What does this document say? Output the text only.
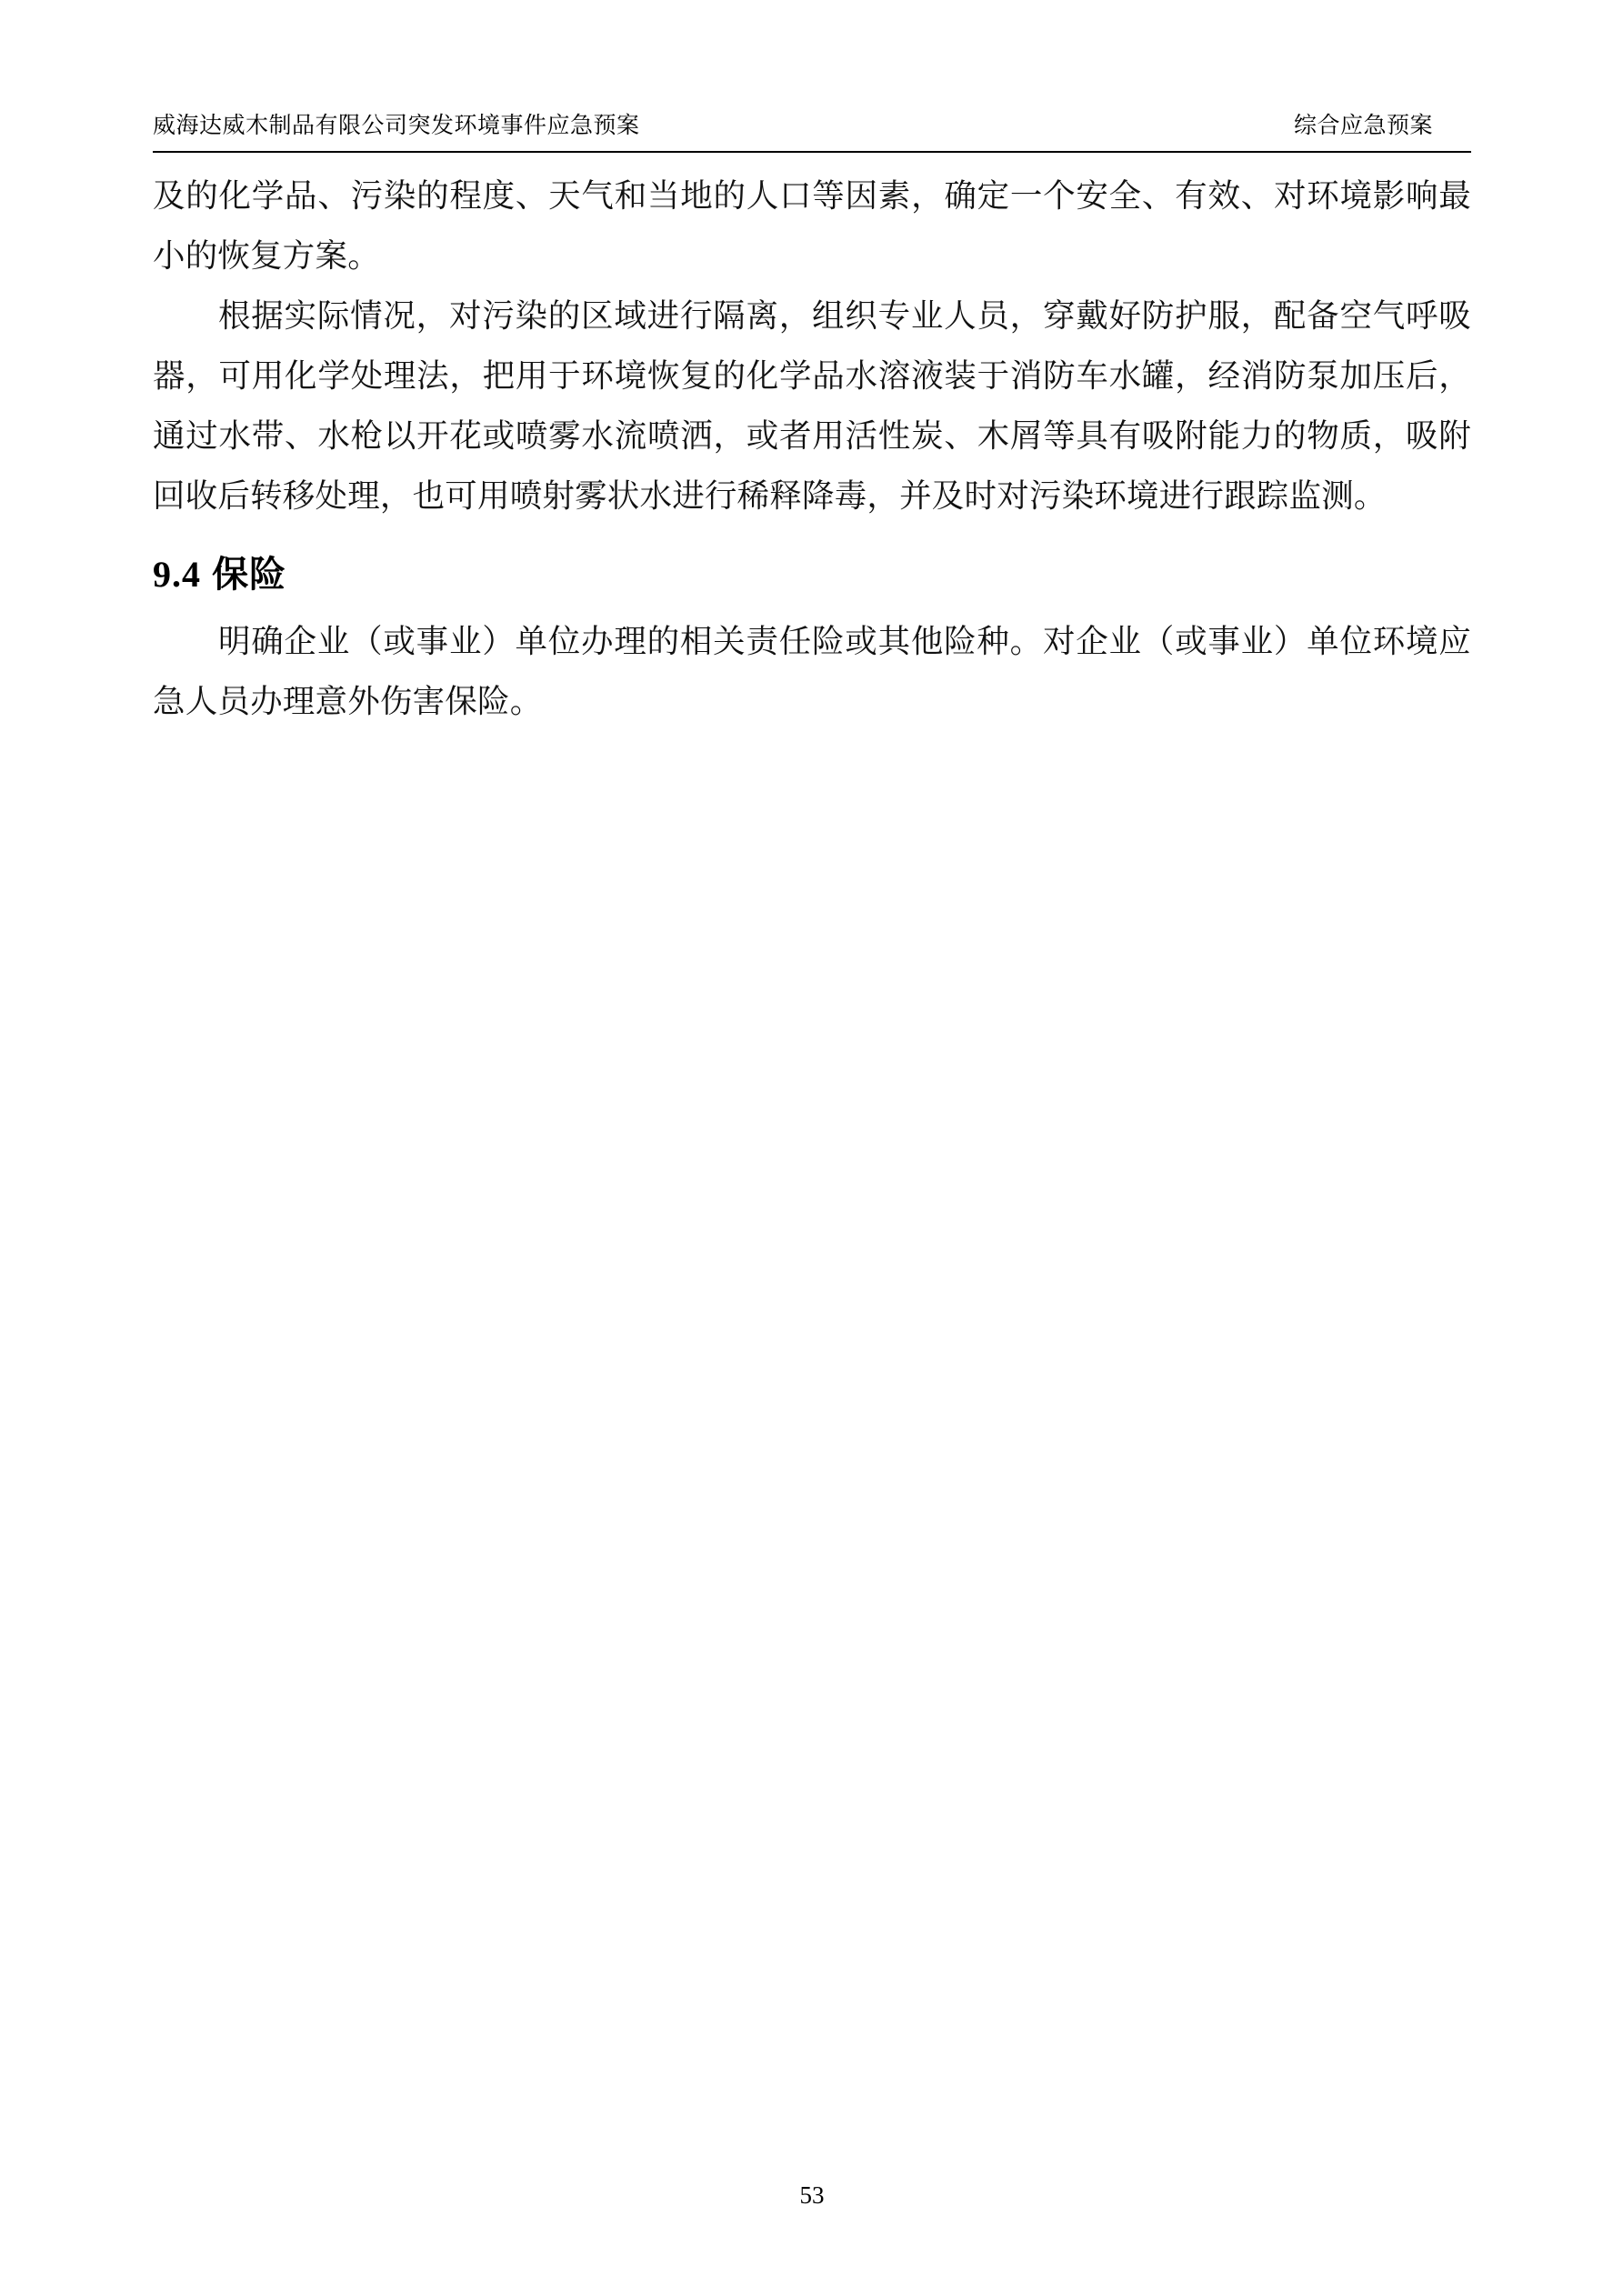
威海达威木制品有限公司突发环境事件应急预案	综合应急预案

及的化学品、污染的程度、天气和当地的人口等因素，确定一个安全、有效、对环境影响最小的恢复方案。

根据实际情况，对污染的区域进行隔离，组织专业人员，穿戴好防护服，配备空气呼吸器，可用化学处理法，把用于环境恢复的化学品水溶液装于消防车水罐，经消防泵加压后，通过水带、水枪以开花或喷雾水流喷洒，或者用活性炭、木屑等具有吸附能力的物质，吸附回收后转移处理，也可用喷射雾状水进行稀释降毒，并及时对污染环境进行跟踪监测。

9.4 保险

明确企业（或事业）单位办理的相关责任险或其他险种。对企业（或事业）单位环境应急人员办理意外伤害保险。

53
